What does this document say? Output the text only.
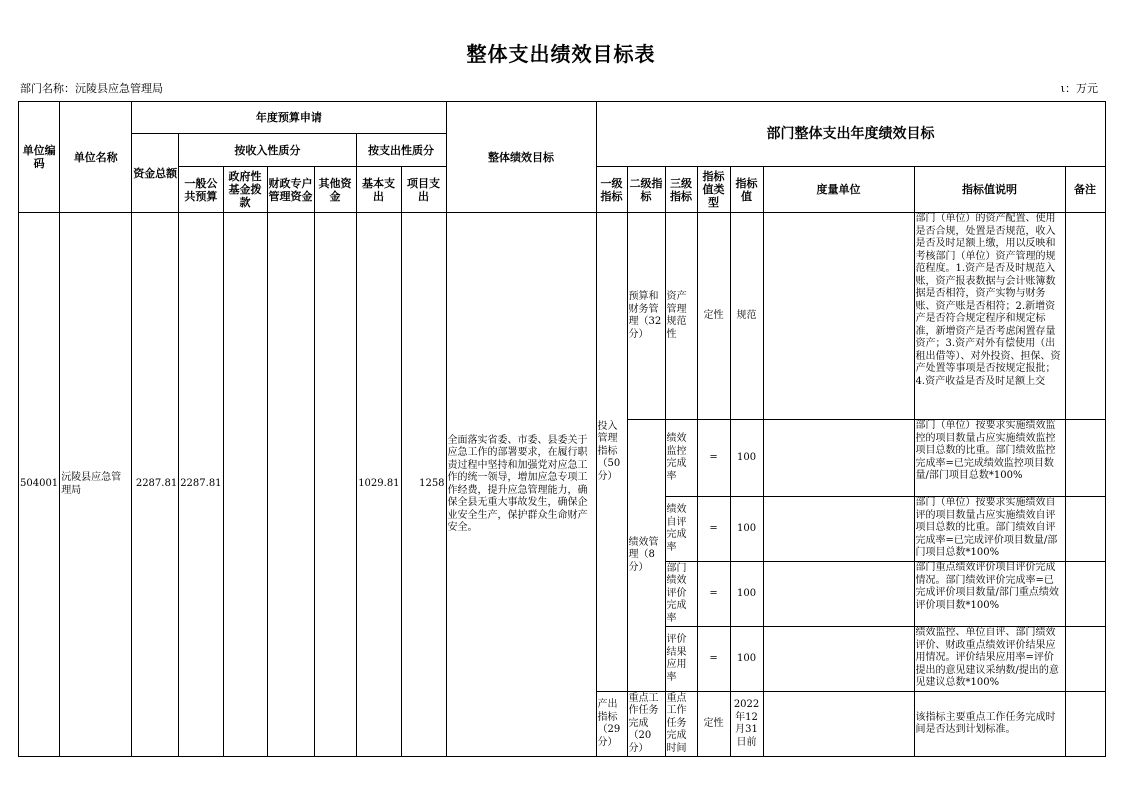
整体支出绩效目标表
部门名称：沅陵县应急管理局	ι：万元
单位编码	单位名称	年度预算申请							整体绩效目标	部门整体支出年度绩效目标							
		资金总额	按收入性质分				按支出性质分										
			一般公共预算	政府性基金拨款	财政专户管理资金	其他资金	基本支出	项目支出		一级指标	二级指标	三级指标	指标值类型	指标值	度量单位	指标值说明	备注
504001	沅陵县应急管理局	2287.81	2287.81				1029.81	1258	全面落实省委、市委、县委关于应急工作的部署要求，在履行职责过程中坚持和加强党对应急工作的统一领导，增加应急专项工作经费，提升应急管理能力，确保全县无重大事故发生，确保企业安全生产，保护群众生命财产安全。	投入管理指标（50分）	预算和财务管理（32分）	资产管理规范性	定性	规范		部门（单位）的资产配置、使用是否合规，处置是否规范，收入是否及时足额上缴，用以反映和考核部门（单位）资产管理的规范程度。1.资产是否及时规范入账，资产报表数据与会计账簿数据是否相符，资产实物与财务账、资产账是否相符；2.新增资产是否符合规定程序和规定标准，新增资产是否考虑闲置存量资产；3.资产对外有偿使用（出租出借等）、对外投资、担保、资产处置等事项是否按规定报批；4.资产收益是否及时足额上交	

											绩效管理（8分）	绩效监控完成率	=	100		部门（单位）按要求实施绩效监控的项目数量占应实施绩效监控项目总数的比重。部门绩效监控完成率=已完成绩效监控项目数量/部门项目总数*100%	

												绩效自评完成率	=	100		部门（单位）按要求实施绩效自评的项目数量占应实施绩效自评项目总数的比重。部门绩效自评完成率=已完成评价项目数量/部门项目总数*100%	

												部门绩效评价完成率	=	100		部门重点绩效评价项目评价完成情况。部门绩效评价完成率=已完成评价项目数量/部门重点绩效评价项目数*100%	

												评价结果应用率	=	100		绩效监控、单位自评、部门绩效评价、财政重点绩效评价结果应用情况。评价结果应用率=评价提出的意见建议采纳数/提出的意见建议总数*100%	

										产出指标（29分）	重点工作任务完成（20分）	重点工作任务完成时间	定性	2022年12月31日前		该指标主要重点工作任务完成时间是否达到计划标准。	
